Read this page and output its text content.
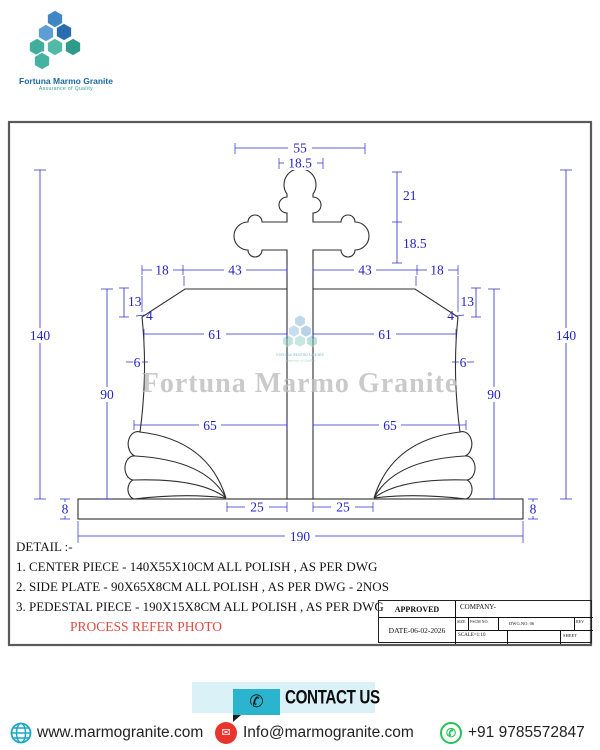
Fortuna Marmo Granite
Assurance of Quality
Fortuna Marmo Granite
Assurance of Quality
Fortuna Marmo Granite
55
18.5
21
18.5
18	43	43	18
13
4
13
4
61	61
6	6
65	65
90	90
140	140
8	8
25	25
190
DETAIL :-
1. CENTER PIECE - 140X55X10CM ALL POLISH , AS PER DWG
2. SIDE PLATE - 90X65X8CM ALL POLISH , AS PER DWG - 2NOS
3. PEDESTAL PIECE - 190X15X8CM ALL POLISH , AS PER DWG
PROCESS REFER PHOTO
APPROVED
DATE-06-02-2026
COMPANY-
SIZE	FSCM NO.	DWG.NO. 06	REV
SCALE=1:10	SHEET
✆ CONTACT US
www.marmogranite.com	✉ Info@marmogranite.com	✆ +91 9785572847
